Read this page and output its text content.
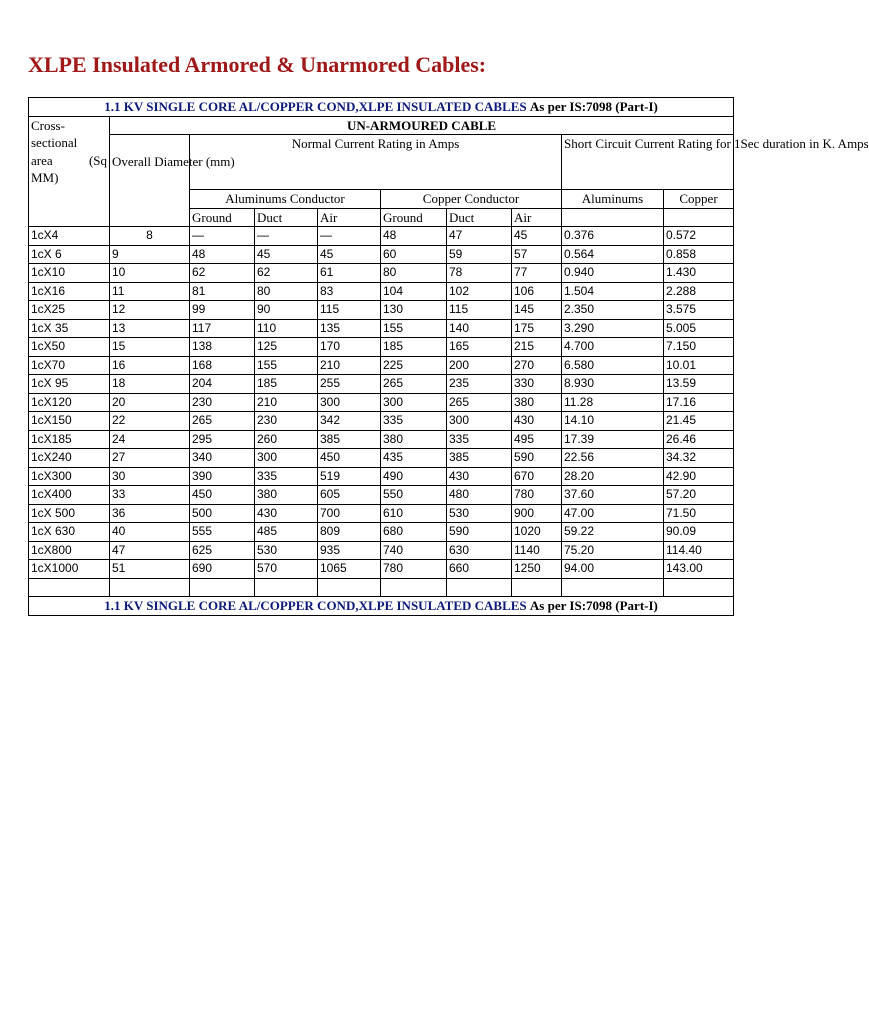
XLPE Insulated Armored & Unarmored Cables:
1.1 KV SINGLE CORE AL/COPPER COND,XLPE INSULATED CABLES As per IS:7098 (Part-I)									

Cross-
sectional
area (Sq
MM)	UN-ARMOURED CABLE								
	Overall Diameter (mm)	Normal Current Rating in Amps						Short Circuit Current Rating for 1Sec duration in K. Amps	
		Aluminums Conductor			Copper Conductor			Aluminums	Copper
		Ground	Duct	Air	Ground	Duct	Air		
1cX4	8	—	—	—	48	47	45	0.376	0.572
1cX 6	9	48	45	45	60	59	57	0.564	0.858
1cX10	10	62	62	61	80	78	77	0.940	1.430
1cX16	11	81	80	83	104	102	106	1.504	2.288
1cX25	12	99	90	115	130	115	145	2.350	3.575
1cX 35	13	117	110	135	155	140	175	3.290	5.005
1cX50	15	138	125	170	185	165	215	4.700	7.150
1cX70	16	168	155	210	225	200	270	6.580	10.01
1cX 95	18	204	185	255	265	235	330	8.930	13.59
1cX120	20	230	210	300	300	265	380	11.28	17.16
1cX150	22	265	230	342	335	300	430	14.10	21.45
1cX185	24	295	260	385	380	335	495	17.39	26.46
1cX240	27	340	300	450	435	385	590	22.56	34.32
1cX300	30	390	335	519	490	430	670	28.20	42.90
1cX400	33	450	380	605	550	480	780	37.60	57.20
1cX 500	36	500	430	700	610	530	900	47.00	71.50
1cX 630	40	555	485	809	680	590	1020	59.22	90.09
1cX800	47	625	530	935	740	630	1140	75.20	114.40
1cX1000	51	690	570	1065	780	660	1250	94.00	143.00

1.1 KV SINGLE CORE AL/COPPER COND,XLPE INSULATED CABLES As per IS:7098 (Part-I)									
